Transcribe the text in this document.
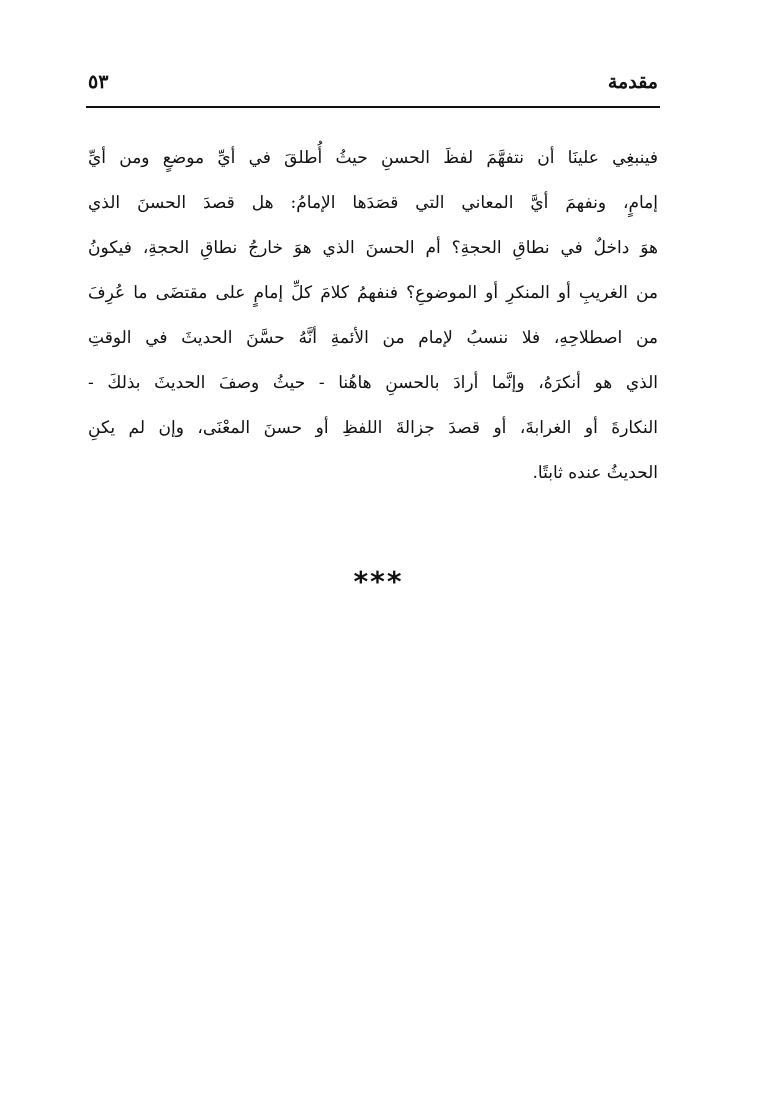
مقدمة
٥٣
فينبغِي علينَا أن نتفهَّمَ لفظَ الحسنِ حيثُ أُطلقَ في أيِّ موضعٍ ومن أيِّ
إمامٍ، ونفهمَ أيَّ المعاني التي قصَدَها الإمامُ: هل قصدَ الحسنَ الذي
هوَ داخلٌ في نطاقِ الحجةِ؟ أم الحسنَ الذي هوَ خارجُ نطاقِ الحجةِ، فيكونُ
من الغريبِ أو المنكرِ أو الموضوعِ؟ فنفهمُ كلامَ كلِّ إمامٍ على مقتضَى ما عُرِفَ
من اصطلاحِهِ، فلا ننسبُ لإمام من الأئمةِ أنَّهُ حسَّنَ الحديثَ في الوقتِ
الذي هو أنكرَهُ، وإنَّما أرادَ بالحسنِ هاهُنا - حيثُ وصفَ الحديثَ بذلكَ -
النكارةَ أو الغرابةَ، أو قصدَ جزالةَ اللفظِ أو حسنَ المعْنَى، وإن لم يكنِ
الحديثُ عنده ثابتًا.
***
